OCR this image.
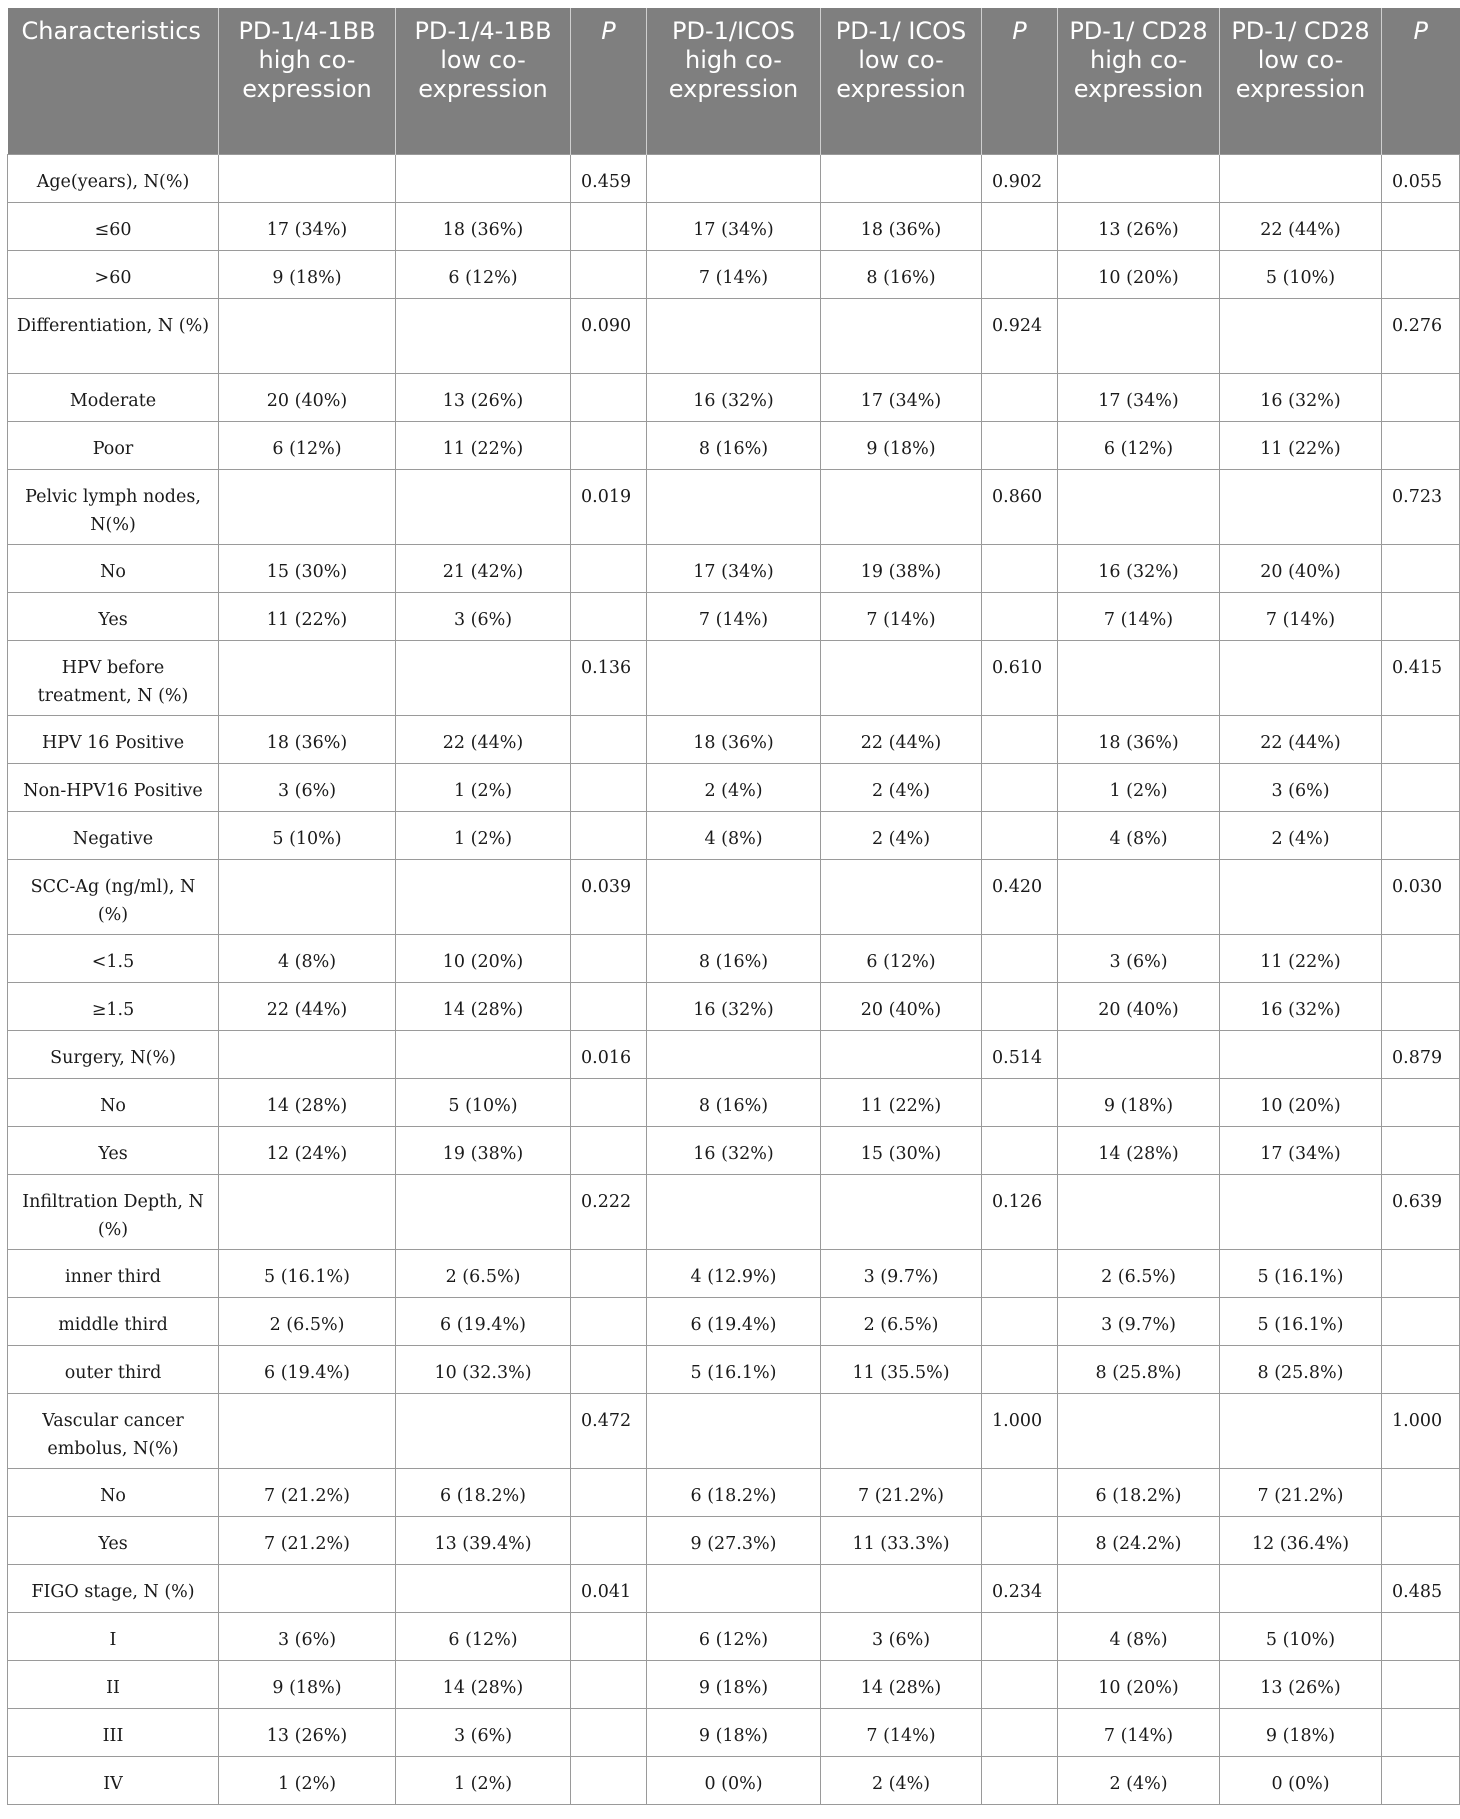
Characteristics	PD-1/4-1BB high co-expression	PD-1/4-1BB low co-expression	P	PD-1/ICOS high co-expression	PD-1/ ICOS low co-expression	P	PD-1/ CD28 high co-expression	PD-1/ CD28 low co-expression	P
Age(years), N(%)			0.459			0.902			0.055
≤60	17 (34%)	18 (36%)		17 (34%)	18 (36%)		13 (26%)	22 (44%)	
>60	9 (18%)	6 (12%)		7 (14%)	8 (16%)		10 (20%)	5 (10%)	
Differentiation, N (%)			0.090			0.924			0.276
Moderate	20 (40%)	13 (26%)		16 (32%)	17 (34%)		17 (34%)	16 (32%)	
Poor	6 (12%)	11 (22%)		8 (16%)	9 (18%)		6 (12%)	11 (22%)	
Pelvic lymph nodes, N(%)			0.019			0.860			0.723
No	15 (30%)	21 (42%)		17 (34%)	19 (38%)		16 (32%)	20 (40%)	
Yes	11 (22%)	3 (6%)		7 (14%)	7 (14%)		7 (14%)	7 (14%)	
HPV before treatment, N (%)			0.136			0.610			0.415
HPV 16 Positive	18 (36%)	22 (44%)		18 (36%)	22 (44%)		18 (36%)	22 (44%)	
Non-HPV16 Positive	3 (6%)	1 (2%)		2 (4%)	2 (4%)		1 (2%)	3 (6%)	
Negative	5 (10%)	1 (2%)		4 (8%)	2 (4%)		4 (8%)	2 (4%)	
SCC-Ag (ng/ml), N (%)			0.039			0.420			0.030
<1.5	4 (8%)	10 (20%)		8 (16%)	6 (12%)		3 (6%)	11 (22%)	
≥1.5	22 (44%)	14 (28%)		16 (32%)	20 (40%)		20 (40%)	16 (32%)	
Surgery, N(%)			0.016			0.514			0.879
No	14 (28%)	5 (10%)		8 (16%)	11 (22%)		9 (18%)	10 (20%)	
Yes	12 (24%)	19 (38%)		16 (32%)	15 (30%)		14 (28%)	17 (34%)	
Infiltration Depth, N (%)			0.222			0.126			0.639
inner third	5 (16.1%)	2 (6.5%)		4 (12.9%)	3 (9.7%)		2 (6.5%)	5 (16.1%)	
middle third	2 (6.5%)	6 (19.4%)		6 (19.4%)	2 (6.5%)		3 (9.7%)	5 (16.1%)	
outer third	6 (19.4%)	10 (32.3%)		5 (16.1%)	11 (35.5%)		8 (25.8%)	8 (25.8%)	
Vascular cancer embolus, N(%)			0.472			1.000			1.000
No	7 (21.2%)	6 (18.2%)		6 (18.2%)	7 (21.2%)		6 (18.2%)	7 (21.2%)	
Yes	7 (21.2%)	13 (39.4%)		9 (27.3%)	11 (33.3%)		8 (24.2%)	12 (36.4%)	
FIGO stage, N (%)			0.041			0.234			0.485
I	3 (6%)	6 (12%)		6 (12%)	3 (6%)		4 (8%)	5 (10%)	
II	9 (18%)	14 (28%)		9 (18%)	14 (28%)		10 (20%)	13 (26%)	
III	13 (26%)	3 (6%)		9 (18%)	7 (14%)		7 (14%)	9 (18%)	
IV	1 (2%)	1 (2%)		0 (0%)	2 (4%)		2 (4%)	0 (0%)	
